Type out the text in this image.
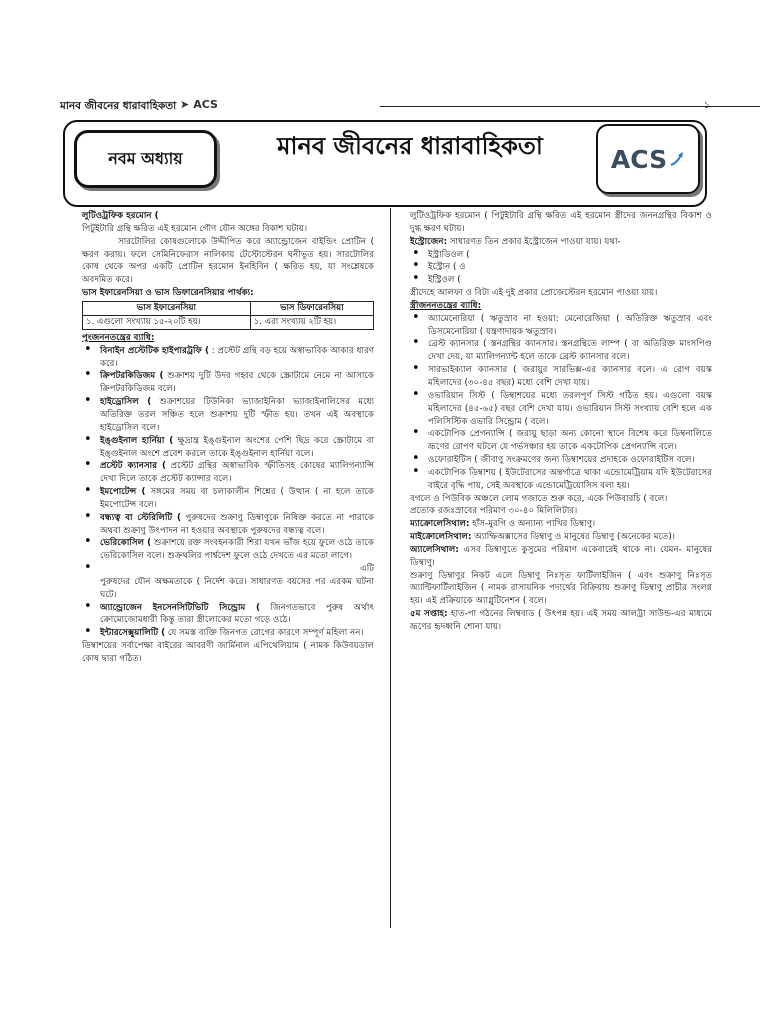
মানব জীবনের ধারাবাহিকতা ➤ ACS	১
নবম অধ্যায়	মানব জীবনের ধারাবাহিকতা	ACS

লুটিওট্রফিক হরমোন (

পিটুইটারি গ্রন্থি ক্ষরিত এই হরমোন গৌণ যৌন অঙ্গের বিকাশ ঘটায়।

সারটোলির কোষগুলোকে উদ্দীপিত করে অ্যান্ড্রোজেন বাইন্ডিং প্রোটিন ( ক্ষরণ করায়। ফলে সেমিনিফেরাস নালিকায় টেস্টোস্টেরন ঘনীভূত হয়। সারটোলির কোষ থেকে অপর একটি প্রোটিন হরমোন ইনহিবিন ( ক্ষরিত হয়, যা সংশ্লেষকে অবদমিত করে।

ভাস ইফারেনসিয়া ও ভাস ডিফারেনসিয়ার পার্থক্য:

ভাস ইফারেনসিয়া	ভাস ডিফারেনসিয়া
১. এগুলো সংখ্যায় ১৫-২০টি হয়।	১. এরা সংখ্যায় ২টি হয়।

পুংজননতন্ত্রের ব্যাধি:

• বিনাইন প্রস্টেটিক হাইপারট্রফি ( : প্রস্টেট গ্রন্থি বড় হয়ে অস্বাভাবিক আকার ধারণ করে।

• ক্রিপটরকিডিজম ( শুক্রাশয় দুটি উদর গহ্বর থেকে স্ক্রোটামে নেমে না আসাকে ক্রিপটরকিডিজম বলে।

• হাইড্রোসিল ( শুক্রাশয়ের টিউনিকা ভ্যাজাইনিকা ভ্যাজাইনালিসের মধ্যে অতিরিক্ত তরল সঞ্চিত হলে শুক্রাশয় দুটি স্ফীত হয়। তখন এই অবস্থাকে হাইড্রোসিল বলে।

• ইঙ্গুইনাল হার্নিয়া ( ক্ষুদ্রান্ত্র ইঙ্গুইনাল অংশের পেশি ছিদ্র করে স্ক্রোটামে বা ইঙ্গুইনাল অংশে প্রবেশ করলে তাকে ইঙ্গুইনাল হার্নিয়া বলে।

• প্রস্টেট ক্যানসার ( প্রস্টেট গ্রন্থির অস্বাভাবিক স্ফীতিসহ কোষের ম্যালিগন্যান্সি দেখা দিলে তাকে প্রস্টেট ক্যান্সার বলে।

• ইমপোটেন্স ( সঙ্গমের সময় বা চলাকালীন শিশ্নের ( উত্থান ( না হলে তাকে ইমপোটেন্স বলে।

• বন্ধ্যত্ব বা স্টেরিলিটি ( পুরুষদের শুক্রাণু ডিম্বাণুকে নিষিক্ত করতে না পারাকে অথবা শুক্রাণু উৎপাদন না হওয়ার অবস্থাকে পুরুষদের বন্ধ্যত্ব বলে।

• ভেরিকোসিল ( শুক্রাশয়ে রক্ত সংবহনকারী শিরা যখন ভাঁজ হয়ে ফুলে ওঠে তাকে ভেরিকোসিল বলে। শুক্রথলির পার্শ্বদেশ ফুলে ওঠে দেখতে এর মতো লাগে।

• এটি

পুরুষদের যৌন অক্ষমতাকে ( নির্দেশ করে। সাধারণত বয়সের পর এরকম ঘটনা ঘটে।

• অ্যান্ড্রোজেন ইনসেনসিটিভিটি সিন্ড্রোম ( জিনগতভাবে পুরুষ অর্থাৎ ক্রোমোজোমধারী কিন্তু তারা স্ত্রীলোকের মতো গড়ে ওঠে।

• ইন্টারসেক্সুয়ালিটি ( যে সমস্ত ব্যক্তি জিনগত রোগের কারণে সম্পূর্ণ মহিলা নন।

ডিম্বাশয়ের সর্বাপেক্ষা বাইরের আবরণী জার্মিনাল এপিথেলিয়াম ( নামক কিউবয়ডাল কোষ দ্বারা গঠিত।

লুটিওট্রফিক হরমোন ( পিটুইটারি গ্রন্থি ক্ষরিত এই হরমোন স্ত্রীদের জননগ্রন্থির বিকাশ ও দুগ্ধ ক্ষরণ ঘটায়।

ইস্ট্রোজেন: সাধারণত তিন প্রকার ইস্ট্রোজেন পাওয়া যায়। যথা-

• ইস্ট্রাডিওল (

• ইস্ট্রোন ( ও

• ইস্ট্রিওল (

স্ত্রীদেহে আলফা ও বিটা এই দুই প্রকার প্রোজেস্টেরন হরমোন পাওয়া যায়।

স্ত্রীজননতন্ত্রের ব্যাধি:

• অ্যামেনোরিয়া ( ঋতুস্রাব না হওয়া: মেনোরেজিয়া ( অতিরিক্ত ঋতুস্রাব এবং ডিসমেনোরিয়া ( যন্ত্রণাদায়ক ঋতুস্রাব।

• ব্রেস্ট ক্যানসার ( স্তনগ্রন্থির ক্যানসার। স্তনগ্রন্থিতে লাম্প ( বা অতিরিক্ত মাংসপিণ্ড দেখা দেয়, যা ম্যালিগন্যান্ট হলে তাকে ব্রেস্ট ক্যানসার বলে।

• সারভাইক্যাল ক্যানসার ( জরায়ুর সারভিক্স-এর ক্যানসার বলে। এ রোগ বয়স্ক মহিলাদের (৩০-৪৫ বছর) মধ্যে বেশি দেখা যায়।

• ওভারিয়ান সিস্ট ( ডিম্বাশয়ের মধ্যে তরলপূর্ণ সিস্ট গঠিত হয়। এগুলো বয়স্ক মহিলাদের (৪৫-৬৫) বছর বেশি দেখা যায়। ওভারিয়ান সিস্ট সংখ্যায় বেশি হলে এক পলিসিস্টিক ওভারি সিন্ড্রোম ( বলে।

• একটোপিক প্রেগন্যান্সি ( জরায়ু ছাড়া অন্য কোনো স্থানে বিশেষ করে ডিম্বনালিতে ভ্রূণের রোপণ ঘটলে যে গর্ভসঞ্চার হয় তাকে একটোপিক প্রেগন্যান্সি বলে।

• ওফোরাইটিস ( জীবাণু সংক্রমণের জন্য ডিম্বাশয়ের প্রদাহকে ওফোরাইটিস বলে।

• একটোপিক ডিম্বাশয় ( ইউটেরাসের অন্তর্গাত্রে থাকা এন্ডোমেট্রিয়াম যদি ইউটেরাসের বাইরে বৃদ্ধি পায়, সেই অবস্থাকে এন্ডোমেট্রিয়োসিস বলা হয়।

বগলে ও পিউবিক অঞ্চলে লোম গজাতে শুরু করে, একে পিউবারচি ( বলে।

প্রত্যেক রজঃস্রাবের পরিমাণ ৩০-৪০ মিলিলিটার।

ম্যাক্রোলেসিথাল: হাঁস-মুরগি ও অন্যান্য পাখির ডিম্বাণু।

মাইক্রোলেসিথাল: অ্যাম্ফিঅক্সাসের ডিম্বাণু ও মানুষের ডিম্বাণু (অনেকের মতে)।

অ্যালেসিথাল: এসব ডিম্বাণুতে কুসুমের পরিমাণ একেবারেই থাকে না। যেমন- মানুষের ডিম্বাণু।

শুক্রাণু ডিম্বাণুর নিকট এলে ডিম্বাণু নিঃসৃত ফার্টিলাইজিন ( এবং শুক্রাণু নিঃসৃত অ্যান্টিফার্টিলাইজিন ( নামক রাসায়নিক পদার্থের বিক্রিয়ায় শুক্রাণু ডিম্বাণু প্রাচীর সংলগ্ন হয়। এই প্রক্রিয়াকে অ্যাগ্লুটিনেশন ( বলে।

৫ম সপ্তাহ: হাত-পা গঠনের লিম্ববাড ( উৎপন্ন হয়। এই সময় আলট্রা সাউন্ড-এর মাধ্যমে ভ্রূণের হৃদধ্বনি শোনা যায়।
